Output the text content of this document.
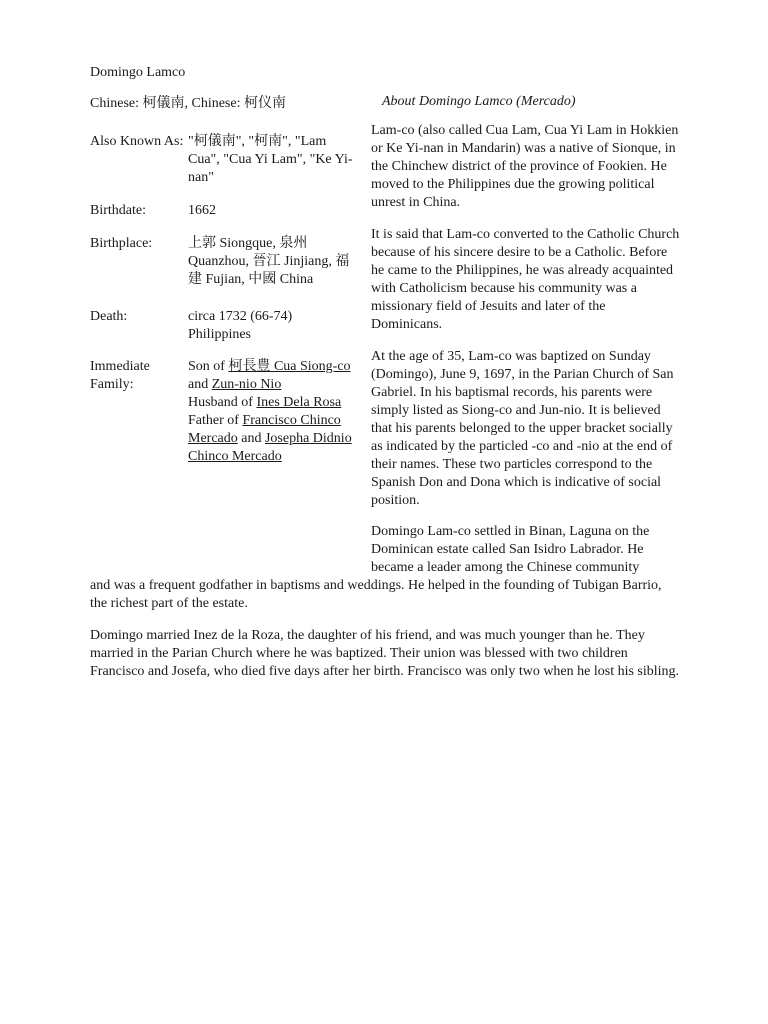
Domingo Lamco
Chinese: 柯儀南, Chinese: 柯仪南
Also Known As: "柯儀南", "柯南", "Lam Cua", "Cua Yi Lam", "Ke Yi-nan"
Birthdate:	1662
Birthplace:	上郭 Siongque, 泉州 Quanzhou, 晉江 Jinjiang, 福建 Fujian, 中國 China
Death:	circa 1732 (66-74) Philippines
Immediate Family:
Son of 柯長豊 Cua Siong-co and Zun-nio Nio
Husband of Ines Dela Rosa
Father of Francisco Chinco Mercado and Josepha Didnio Chinco Mercado
About Domingo Lamco (Mercado)

Lam-co (also called Cua Lam, Cua Yi Lam in Hokkien or Ke Yi-nan in Mandarin) was a native of Sionque, in the Chinchew district of the province of Fookien. He moved to the Philippines due the growing political unrest in China.

It is said that Lam-co converted to the Catholic Church because of his sincere desire to be a Catholic. Before he came to the Philippines, he was already acquainted with Catholicism because his community was a missionary field of Jesuits and later of the Dominicans.

At the age of 35, Lam-co was baptized on Sunday (Domingo), June 9, 1697, in the Parian Church of San Gabriel. In his baptismal records, his parents were simply listed as Siong-co and Jun-nio. It is believed that his parents belonged to the upper bracket socially as indicated by the particled -co and -nio at the end of their names. These two particles correspond to the Spanish Don and Dona which is indicative of social position.

Domingo Lam-co settled in Binan, Laguna on the
Dominican estate called San Isidro Labrador. He
became a leader among the Chinese community

and was a frequent godfather in baptisms and weddings. He helped in the founding of Tubigan Barrio, the richest part of the estate.

Domingo married Inez de la Roza, the daughter of his friend, and was much younger than he. They married in the Parian Church where he was baptized. Their union was blessed with two children Francisco and Josefa, who died five days after her birth. Francisco was only two when he lost his sibling.
